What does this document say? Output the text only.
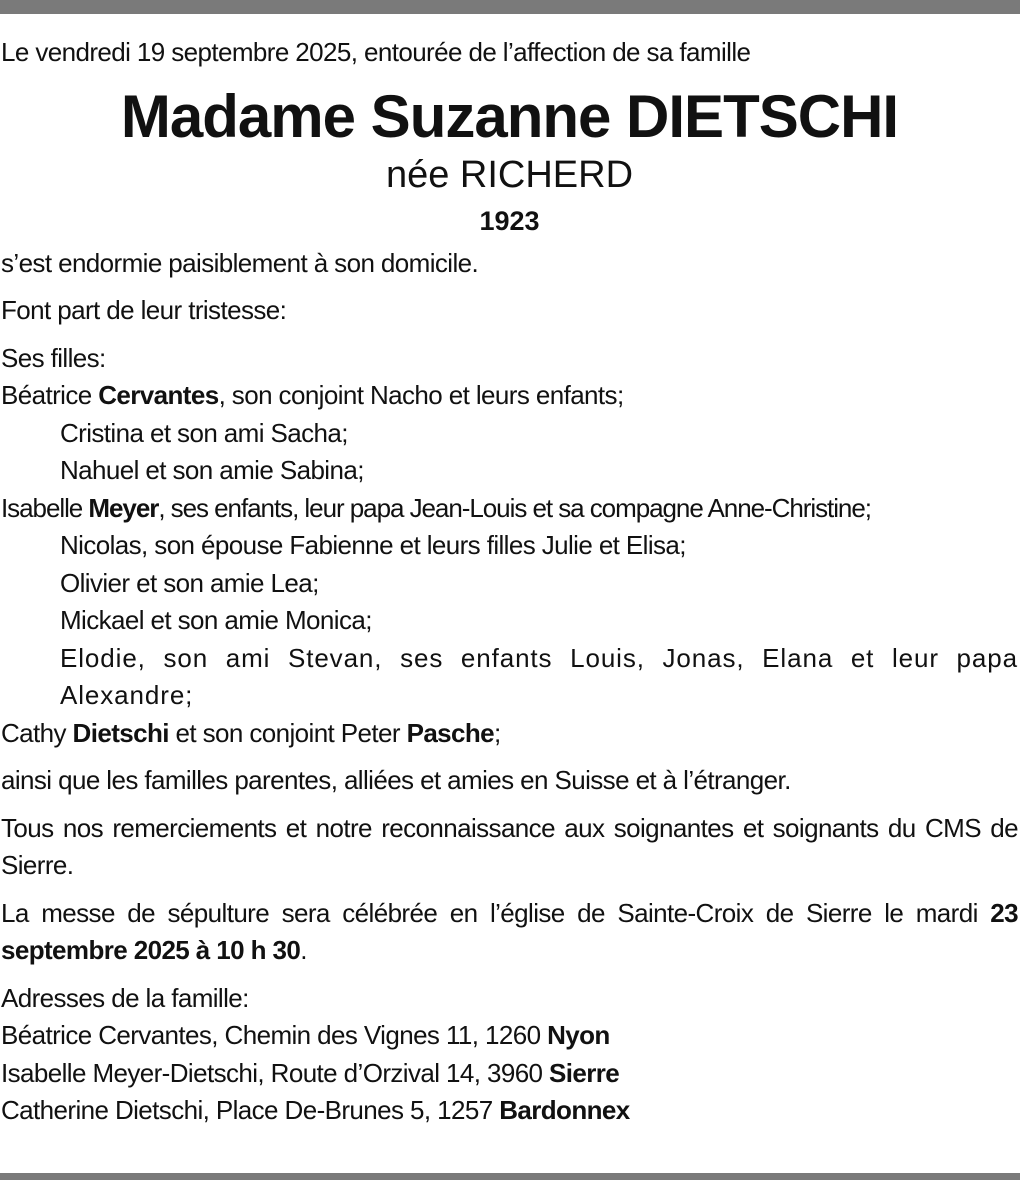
Le vendredi 19 septembre 2025, entourée de l’affection de sa famille

Madame Suzanne DIETSCHI

née RICHERD

1923

s’est endormie paisiblement à son domicile.

Font part de leur tristesse:

Ses filles:

Béatrice Cervantes, son conjoint Nacho et leurs enfants;

Cristina et son ami Sacha;

Nahuel et son amie Sabina;

Isabelle Meyer, ses enfants, leur papa Jean-Louis et sa compagne Anne-Christine;

Nicolas, son épouse Fabienne et leurs filles Julie et Elisa;

Olivier et son amie Lea;

Mickael et son amie Monica;

Elodie, son ami Stevan, ses enfants Louis, Jonas, Elana et leur papa Alexandre;

Cathy Dietschi et son conjoint Peter Pasche;

ainsi que les familles parentes, alliées et amies en Suisse et à l’étranger.

Tous nos remerciements et notre reconnaissance aux soignantes et soignants du CMS de Sierre.

La messe de sépulture sera célébrée en l’église de Sainte-Croix de Sierre le mardi 23 septembre 2025 à 10 h 30.

Adresses de la famille:

Béatrice Cervantes, Chemin des Vignes 11, 1260 Nyon

Isabelle Meyer-Dietschi, Route d’Orzival 14, 3960 Sierre

Catherine Dietschi, Place De-Brunes 5, 1257 Bardonnex
